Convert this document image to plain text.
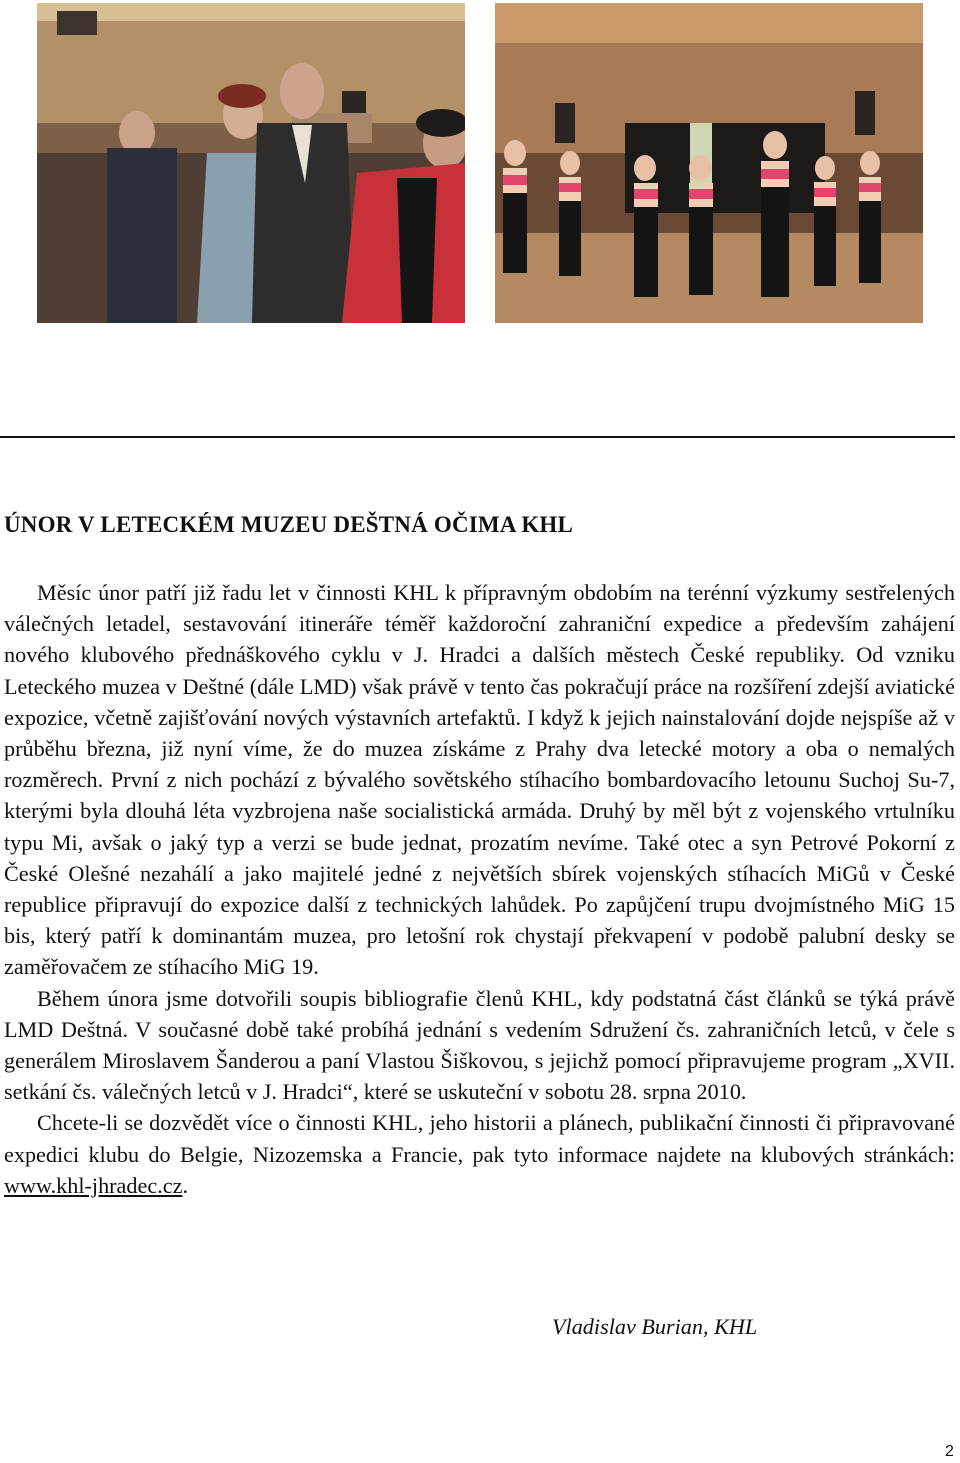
ÚNOR V LETECKÉM MUZEU DEŠTNÁ OČIMA KHL

Měsíc únor patří již řadu let v činnosti KHL k přípravným obdobím na terénní výzkumy sestřelených válečných letadel, sestavování itineráře téměř každoroční zahraniční expedice a především zahájení nového klubového přednáškového cyklu v J. Hradci a dalších městech České republiky. Od vzniku Leteckého muzea v Deštné (dále LMD) však právě v tento čas pokračují práce na rozšíření zdejší aviatické expozice, včetně zajišťování nových výstavních artefaktů. I když k jejich nainstalování dojde nejspíše až v průběhu března, již nyní víme, že do muzea získáme z Prahy dva letecké motory a oba o nemalých rozměrech. První z nich pochází z bývalého sovětského stíhacího bombardovacího letounu Suchoj Su-7, kterými byla dlouhá léta vyzbrojena naše socialistická armáda. Druhý by měl být z vojenského vrtulníku typu Mi, avšak o jaký typ a verzi se bude jednat, prozatím nevíme. Také otec a syn Petrové Pokorní z České Olešné nezahálí a jako majitelé jedné z největších sbírek vojenských stíhacích MiGů v České republice připravují do expozice další z technických lahůdek. Po zapůjčení trupu dvojmístného MiG 15 bis, který patří k dominantám muzea, pro letošní rok chystají překvapení v podobě palubní desky se zaměřovačem ze stíhacího MiG 19.

Během února jsme dotvořili soupis bibliografie členů KHL, kdy podstatná část článků se týká právě LMD Deštná. V současné době také probíhá jednání s vedením Sdružení čs. zahraničních letců, v čele s generálem Miroslavem Šanderou a paní Vlastou Šiškovou, s jejichž pomocí připravujeme program „XVII. setkání čs. válečných letců v J. Hradci“, které se uskuteční v sobotu 28. srpna 2010.

Chcete-li se dozvědět více o činnosti KHL, jeho historii a plánech, publikační činnosti či připravované expedici klubu do Belgie, Nizozemska a Francie, pak tyto informace najdete na klubových stránkách: www.khl-jhradec.cz.

Vladislav Burian, KHL

2
